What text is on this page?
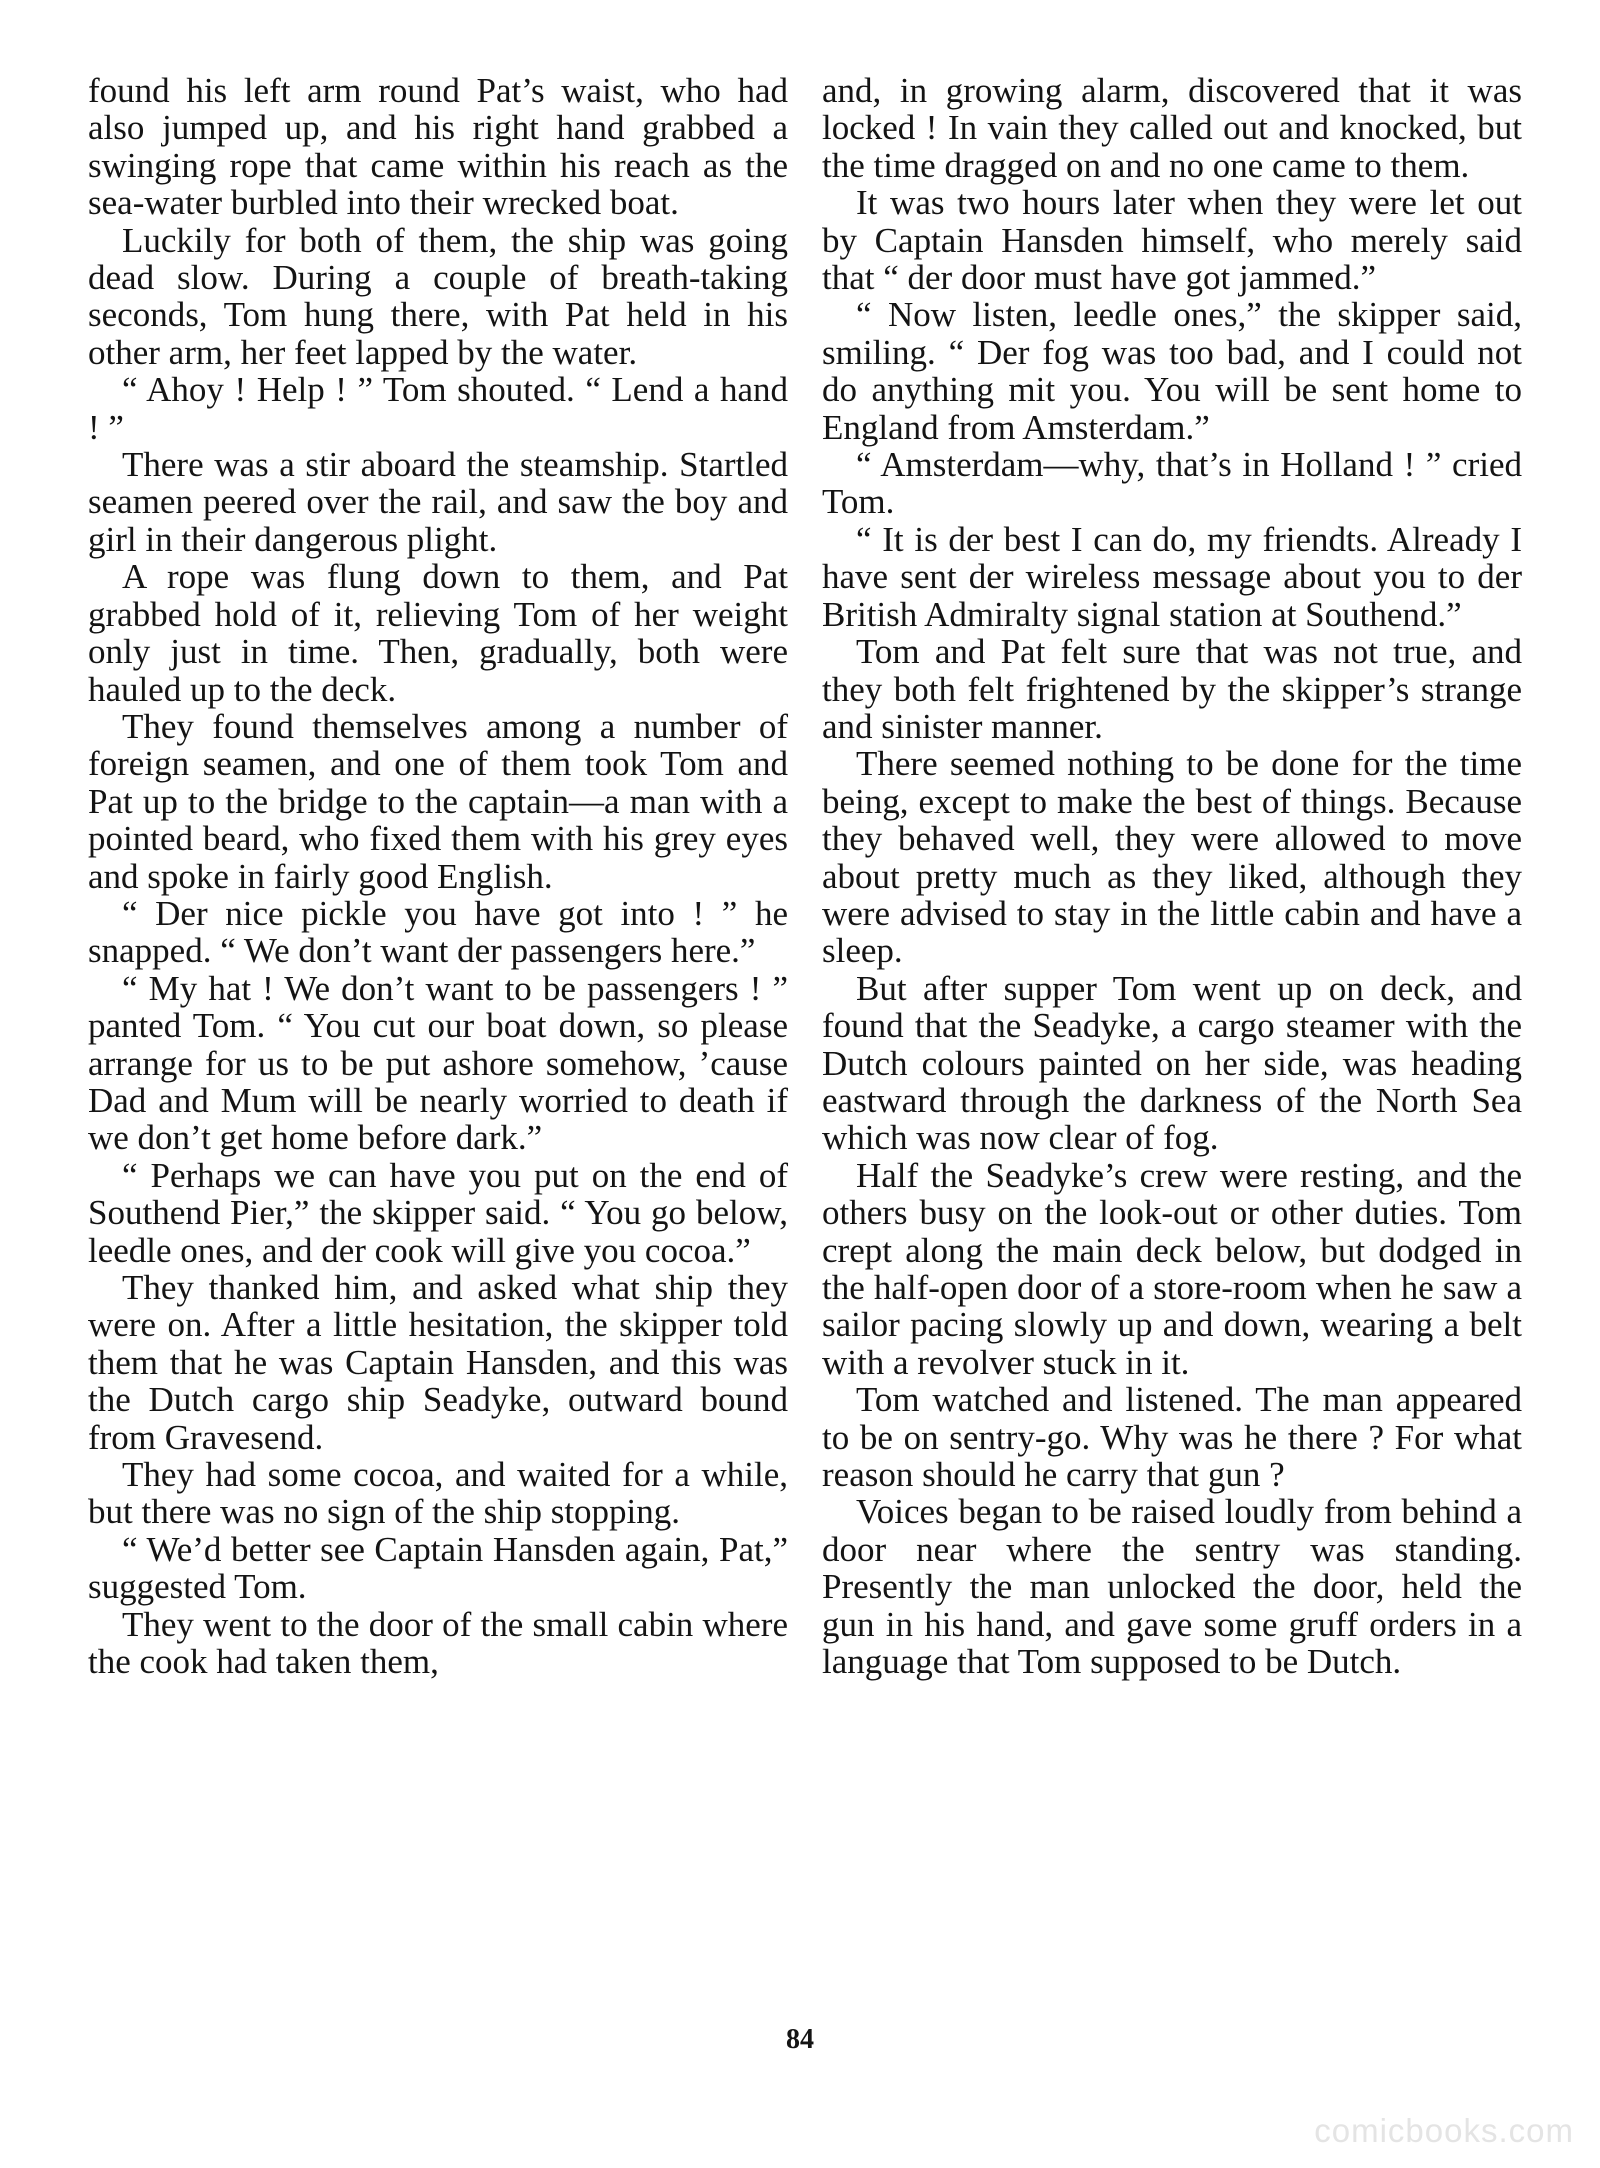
found his left arm round Pat’s waist, who had also jumped up, and his right hand grabbed a swinging rope that came within his reach as the sea-water burbled into their wrecked boat.

Luckily for both of them, the ship was going dead slow. During a couple of breath-taking seconds, Tom hung there, with Pat held in his other arm, her feet lapped by the water.

“ Ahoy ! Help ! ” Tom shouted. “ Lend a hand ! ”

There was a stir aboard the steamship. Startled seamen peered over the rail, and saw the boy and girl in their dangerous plight.

A rope was flung down to them, and Pat grabbed hold of it, relieving Tom of her weight only just in time. Then, gradually, both were hauled up to the deck.

They found themselves among a number of foreign seamen, and one of them took Tom and Pat up to the bridge to the captain—a man with a pointed beard, who fixed them with his grey eyes and spoke in fairly good English.

“ Der nice pickle you have got into ! ” he snapped. “ We don’t want der passengers here.”

“ My hat ! We don’t want to be passengers ! ” panted Tom. “ You cut our boat down, so please arrange for us to be put ashore somehow, ’cause Dad and Mum will be nearly worried to death if we don’t get home before dark.”

“ Perhaps we can have you put on the end of Southend Pier,” the skipper said. “ You go below, leedle ones, and der cook will give you cocoa.”

They thanked him, and asked what ship they were on. After a little hesitation, the skipper told them that he was Captain Hansden, and this was the Dutch cargo ship Seadyke, outward bound from Gravesend.

They had some cocoa, and waited for a while, but there was no sign of the ship stopping.

“ We’d better see Captain Hansden again, Pat,” suggested Tom.

They went to the door of the small cabin where the cook had taken them,

and, in growing alarm, discovered that it was locked ! In vain they called out and knocked, but the time dragged on and no one came to them.

It was two hours later when they were let out by Captain Hansden himself, who merely said that “ der door must have got jammed.”

“ Now listen, leedle ones,” the skipper said, smiling. “ Der fog was too bad, and I could not do anything mit you. You will be sent home to England from Amsterdam.”

“ Amsterdam—why, that’s in Holland ! ” cried Tom.

“ It is der best I can do, my friendts. Already I have sent der wireless message about you to der British Admiralty signal station at Southend.”

Tom and Pat felt sure that was not true, and they both felt frightened by the skipper’s strange and sinister manner.

There seemed nothing to be done for the time being, except to make the best of things. Because they behaved well, they were allowed to move about pretty much as they liked, although they were advised to stay in the little cabin and have a sleep.

But after supper Tom went up on deck, and found that the Seadyke, a cargo steamer with the Dutch colours painted on her side, was heading eastward through the darkness of the North Sea which was now clear of fog.

Half the Seadyke’s crew were resting, and the others busy on the look-out or other duties. Tom crept along the main deck below, but dodged in the half-open door of a store-room when he saw a sailor pacing slowly up and down, wearing a belt with a revolver stuck in it.

Tom watched and listened. The man appeared to be on sentry-go. Why was he there ? For what reason should he carry that gun ?

Voices began to be raised loudly from behind a door near where the sentry was standing. Presently the man unlocked the door, held the gun in his hand, and gave some gruff orders in a language that Tom supposed to be Dutch.

84
comicbooks.com
